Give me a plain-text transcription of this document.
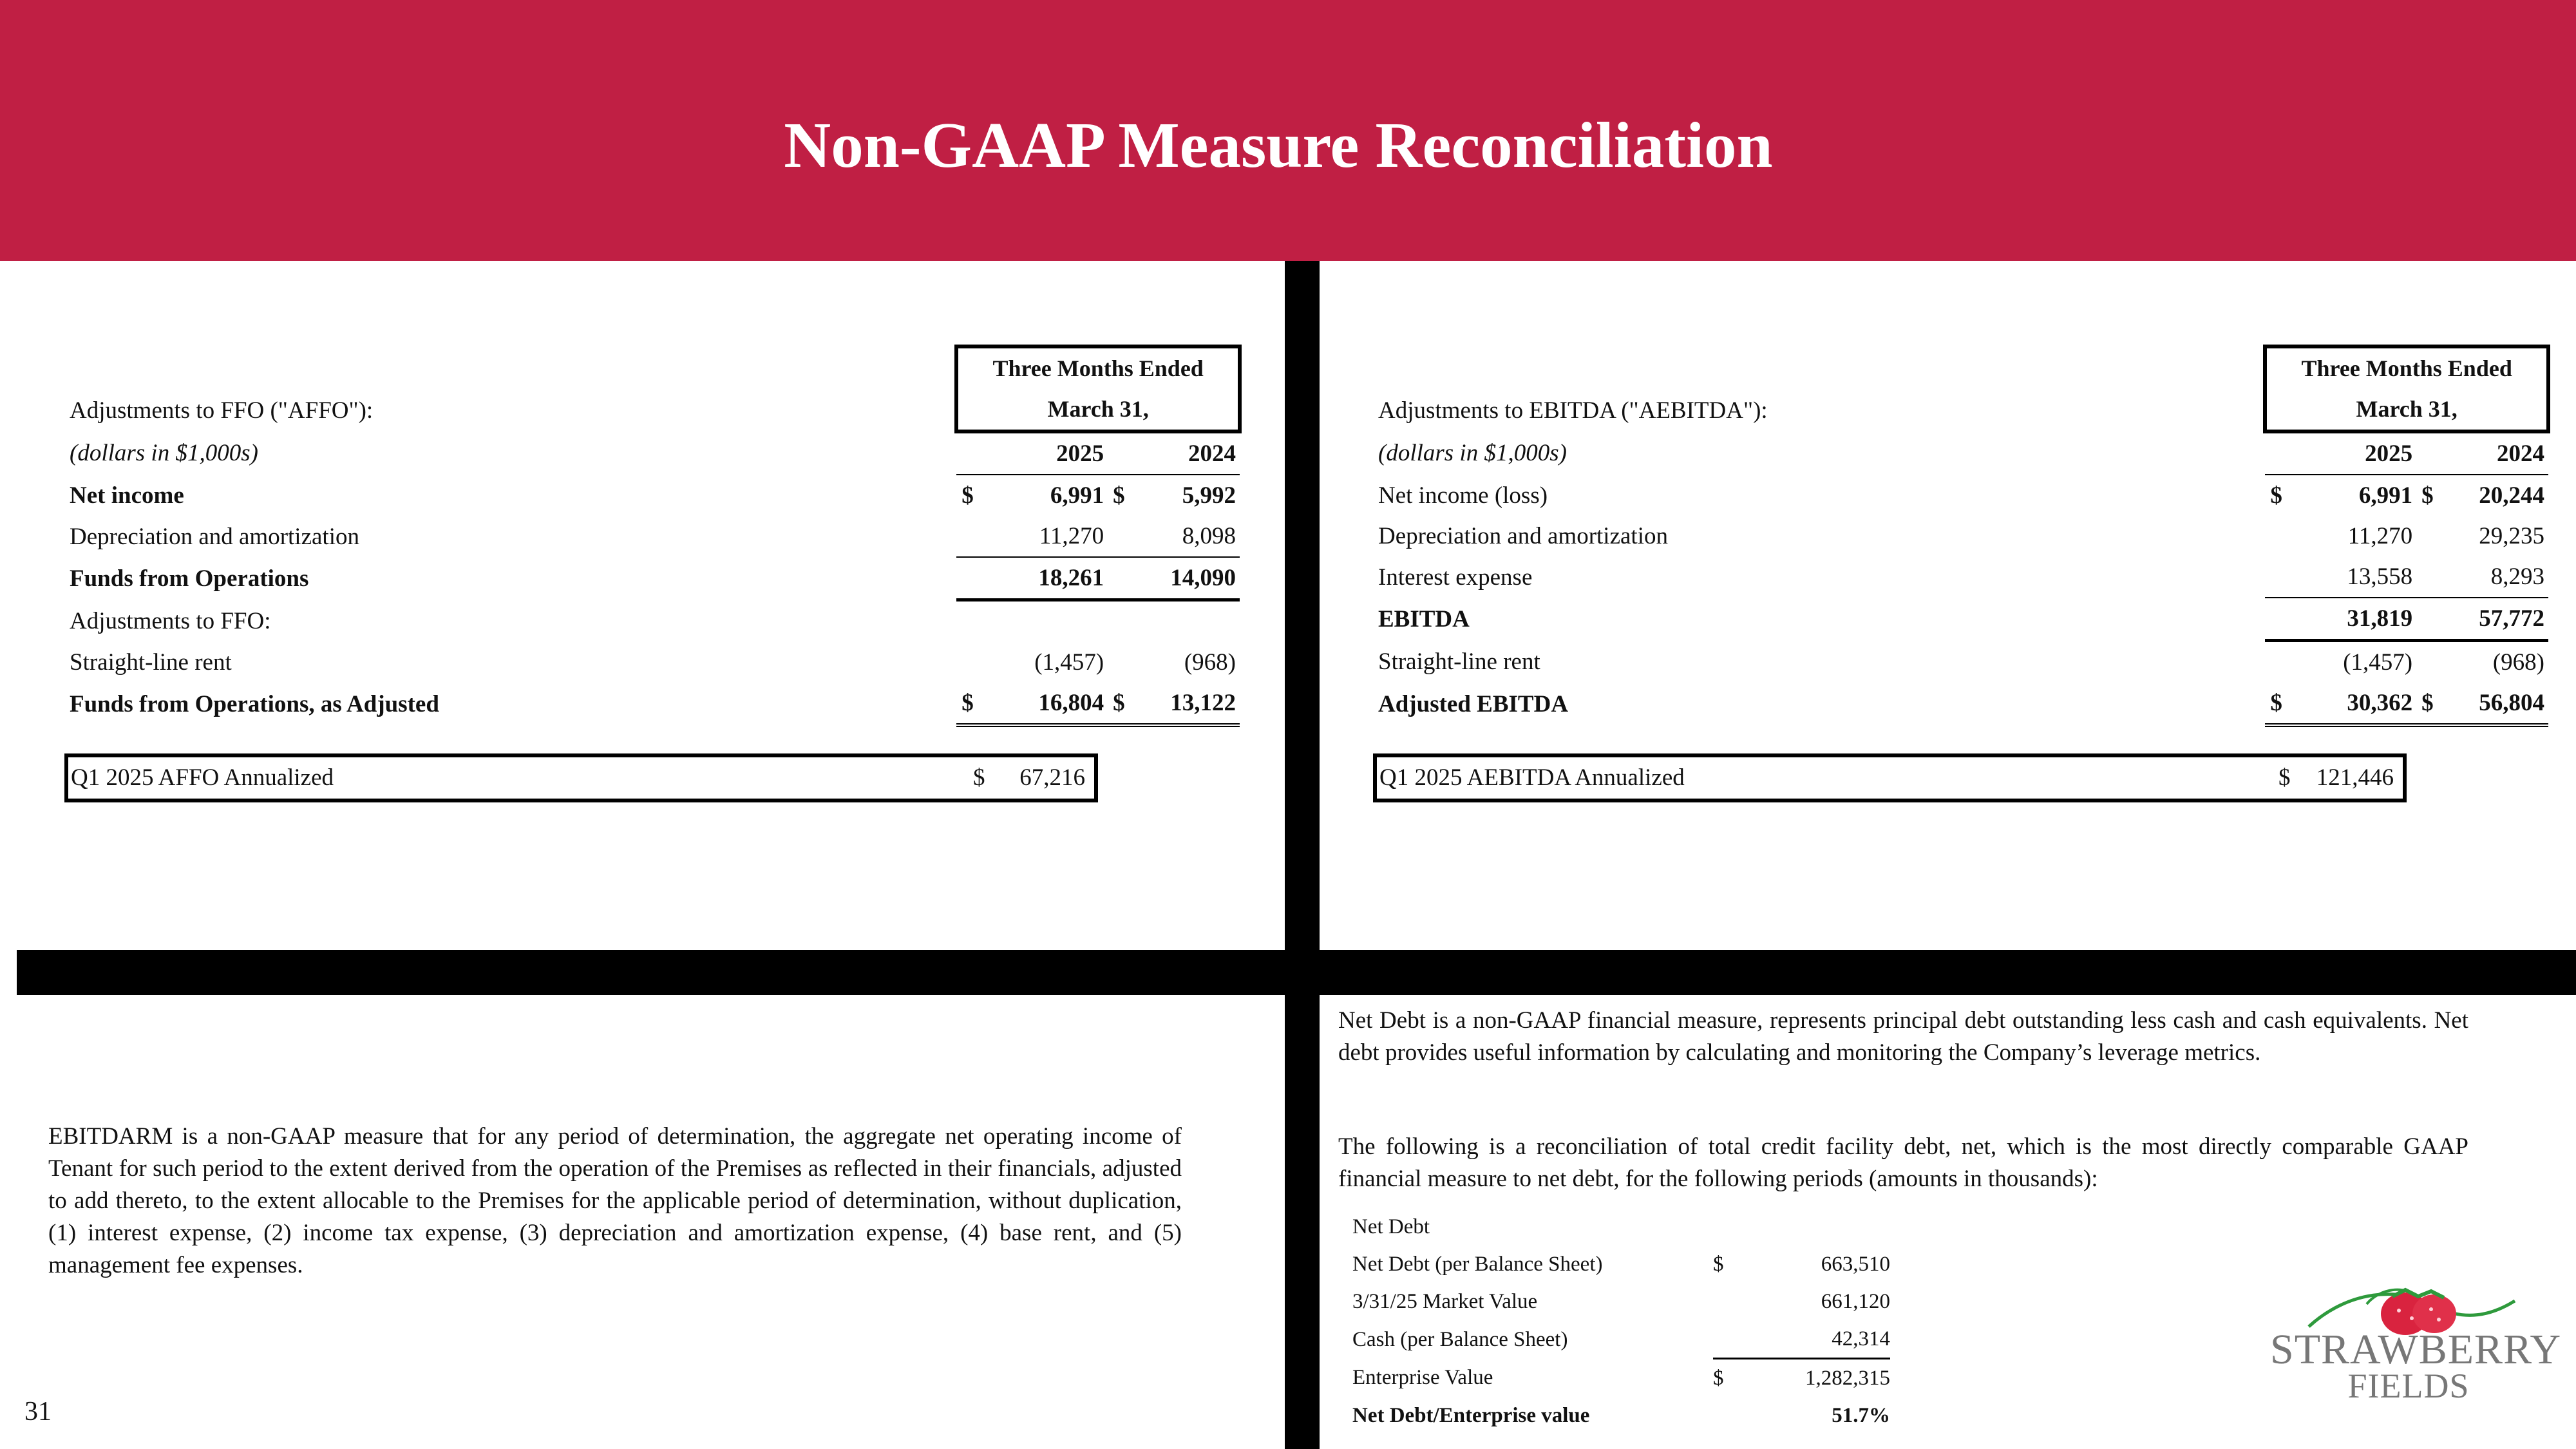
Non-GAAP Measure Reconciliation
	Three Months Ended			
Adjustments to FFO ("AFFO"):	March 31,			
(dollars in $1,000s)	2025		2024	
Net income	$	6,991	$	5,992
Depreciation and amortization		11,270		8,098
Funds from Operations		18,261		14,090
Adjustments to FFO:				
Straight-line rent		(1,457)		(968)
Funds from Operations, as Adjusted	$	16,804	$	13,122
Q1 2025 AFFO Annualized	$ 67,216
	Three Months Ended			
Adjustments to EBITDA ("AEBITDA"):	March 31,			
(dollars in $1,000s)	2025		2024	
Net income (loss)	$	6,991	$	20,244
Depreciation and amortization		11,270		29,235
Interest expense		13,558		8,293
EBITDA		31,819		57,772
Straight-line rent		(1,457)		(968)
Adjusted EBITDA	$	30,362	$	56,804
Q1 2025 AEBITDA Annualized	$ 121,446
EBITDARM is a non-GAAP measure that for any period of determination, the aggregate net operating income of Tenant for such period to the extent derived from the operation of the Premises as reflected in their financials, adjusted to add thereto, to the extent allocable to the Premises for the applicable period of determination, without duplication, (1) interest expense, (2) income tax expense, (3) depreciation and amortization expense, (4) base rent, and (5) management fee expenses.
Net Debt is a non-GAAP financial measure, represents principal debt outstanding less cash and cash equivalents. Net debt provides useful information by calculating and monitoring the Company’s leverage metrics.
The following is a reconciliation of total credit facility debt, net, which is the most directly comparable GAAP financial measure to net debt, for the following periods (amounts in thousands):
Net Debt		
Net Debt (per Balance Sheet)	$	663,510
3/31/25 Market Value		661,120
Cash (per Balance Sheet)		42,314
Enterprise Value	$	1,282,315
Net Debt/Enterprise value		51.7%
STRAWBERRY
FIELDS
31
